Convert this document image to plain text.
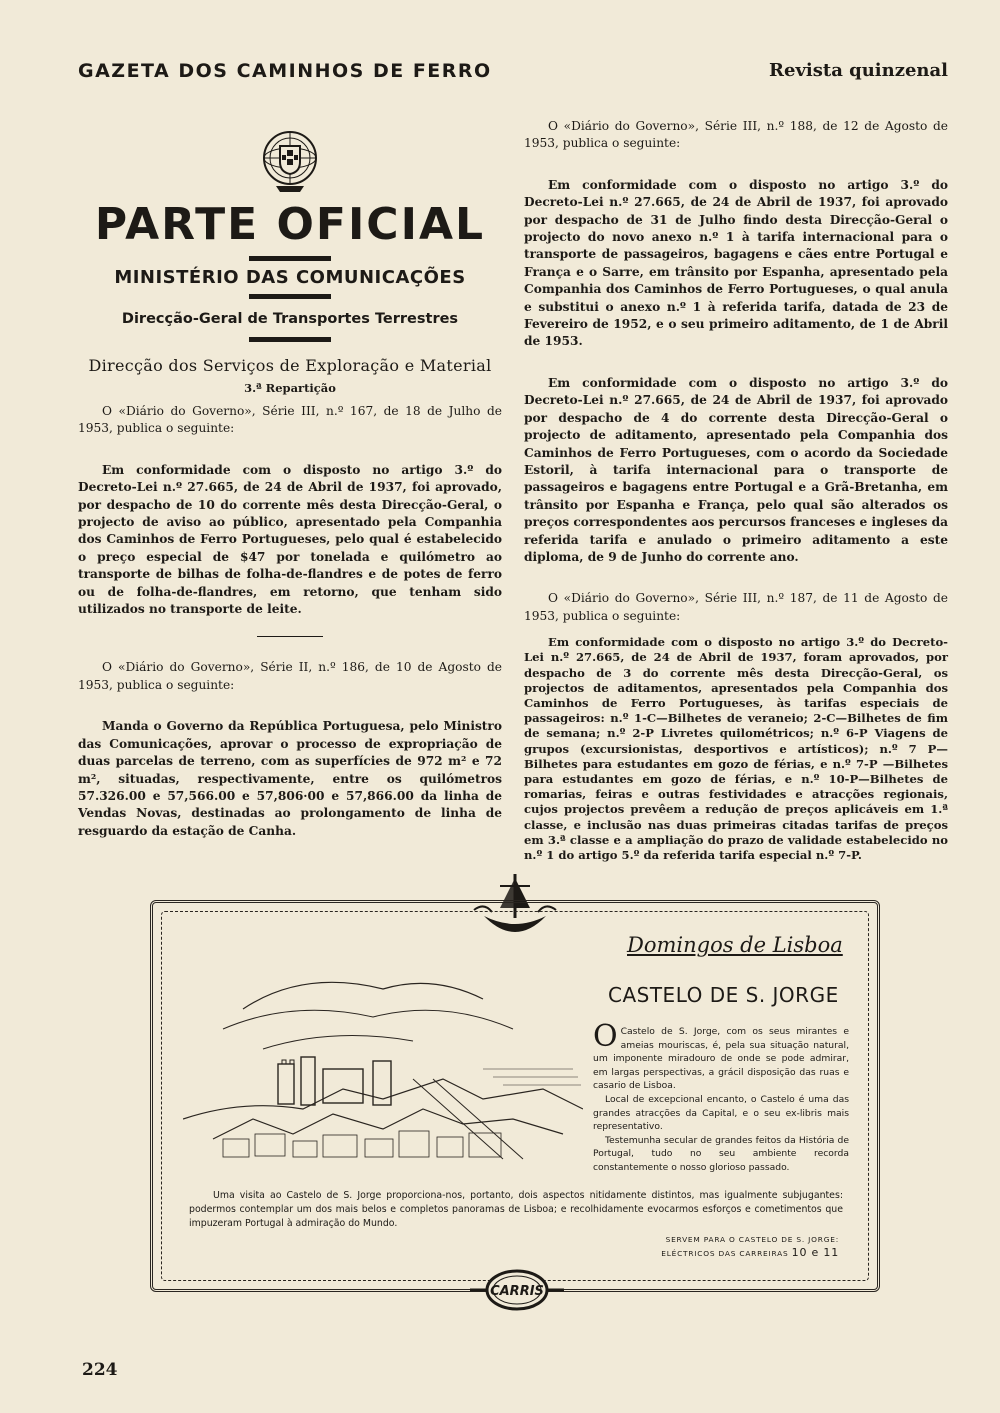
GAZETA DOS CAMINHOS DE FERRO	Revista quinzenal
PARTE OFICIAL
MINISTÉRIO DAS COMUNICAÇÕES
Direcção-Geral de Transportes Terrestres
Direcção dos Serviços de Exploração e Material
3.ª Repartição

O «Diário do Governo», Série III, n.º 167, de 18 de Julho de 1953, publica o seguinte:

Em conformidade com o disposto no artigo 3.º do Decreto-Lei n.º 27.665, de 24 de Abril de 1937, foi aprovado, por despacho de 10 do corrente mês desta Direcção-Geral, o projecto de aviso ao público, apresentado pela Companhia dos Caminhos de Ferro Portugueses, pelo qual é estabelecido o preço especial de $47 por tonelada e quilómetro ao transporte de bilhas de folha-de-flandres e de potes de ferro ou de folha-de-flandres, em retorno, que tenham sido utilizados no transporte de leite.

O «Diário do Governo», Série II, n.º 186, de 10 de Agosto de 1953, publica o seguinte:

Manda o Governo da República Portuguesa, pelo Ministro das Comunicações, aprovar o processo de expropriação de duas parcelas de terreno, com as superfícies de 972 m² e 72 m², situadas, respectivamente, entre os quilómetros 57.326.00 e 57,566.00 e 57,806·00 e 57,866.00 da linha de Vendas Novas, destinadas ao prolongamento de linha de resguardo da estação de Canha.

O «Diário do Governo», Série III, n.º 188, de 12 de Agosto de 1953, publica o seguinte:

Em conformidade com o disposto no artigo 3.º do Decreto-Lei n.º 27.665, de 24 de Abril de 1937, foi aprovado por despacho de 31 de Julho findo desta Direcção-Geral o projecto do novo anexo n.º 1 à tarifa internacional para o transporte de passageiros, bagagens e cães entre Portugal e França e o Sarre, em trânsito por Espanha, apresentado pela Companhia dos Caminhos de Ferro Portugueses, o qual anula e substitui o anexo n.º 1 à referida tarifa, datada de 23 de Fevereiro de 1952, e o seu primeiro aditamento, de 1 de Abril de 1953.

Em conformidade com o disposto no artigo 3.º do Decreto-Lei n.º 27.665, de 24 de Abril de 1937, foi aprovado por despacho de 4 do corrente desta Direcção-Geral o projecto de aditamento, apresentado pela Companhia dos Caminhos de Ferro Portugueses, com o acordo da Sociedade Estoril, à tarifa internacional para o transporte de passageiros e bagagens entre Portugal e a Grã-Bretanha, em trânsito por Espanha e França, pelo qual são alterados os preços correspondentes aos percursos franceses e ingleses da referida tarifa e anulado o primeiro aditamento a este diploma, de 9 de Junho do corrente ano.

O «Diário do Governo», Série III, n.º 187, de 11 de Agosto de 1953, publica o seguinte:

Em conformidade com o disposto no artigo 3.º do Decreto-Lei n.º 27.665, de 24 de Abril de 1937, foram aprovados, por despacho de 3 do corrente mês desta Direcção-Geral, os projectos de aditamentos, apresentados pela Companhia dos Caminhos de Ferro Portugueses, às tarifas especiais de passageiros: n.º 1-C—Bilhetes de veraneio; 2-C—Bilhetes de fim de semana; n.º 2-P Livretes quilométricos; n.º 6-P Viagens de grupos (excursionistas, desportivos e artísticos); n.º 7 P—Bilhetes para estudantes em gozo de férias, e n.º 7-P —Bilhetes para estudantes em gozo de férias, e n.º 10-P—Bilhetes de romarias, feiras e outras festividades e atracções regionais, cujos projectos prevêem a redução de preços aplicáveis em 1.ª classe, e inclusão nas duas primeiras citadas tarifas de preços em 3.ª classe e a ampliação do prazo de validade estabelecido no n.º 1 do artigo 5.º da referida tarifa especial n.º 7-P.

Domingos de Lisboa
CASTELO DE S. JORGE
O Castelo de S. Jorge, com os seus mirantes e ameias mouriscas, é, pela sua situação natural, um imponente miradouro de onde se pode admirar, em largas perspectivas, a grácil disposição das ruas e casario de Lisboa.

Local de excepcional encanto, o Castelo é uma das grandes atracções da Capital, e o seu ex-libris mais representativo.

Testemunha secular de grandes feitos da História de Portugal, tudo no seu ambiente recorda constantemente o nosso glorioso passado.

Uma visita ao Castelo de S. Jorge proporciona-nos, portanto, dois aspectos nitidamente distintos, mas igualmente subjugantes: podermos contemplar um dos mais belos e completos panoramas de Lisboa; e recolhidamente evocarmos esforços e cometimentos que impuzeram Portugal à admiração do Mundo.
SERVEM PARA O CASTELO DE S. JORGE:
ELÉCTRICOS DAS CARREIRAS 10 e 11
CARRIS
224
